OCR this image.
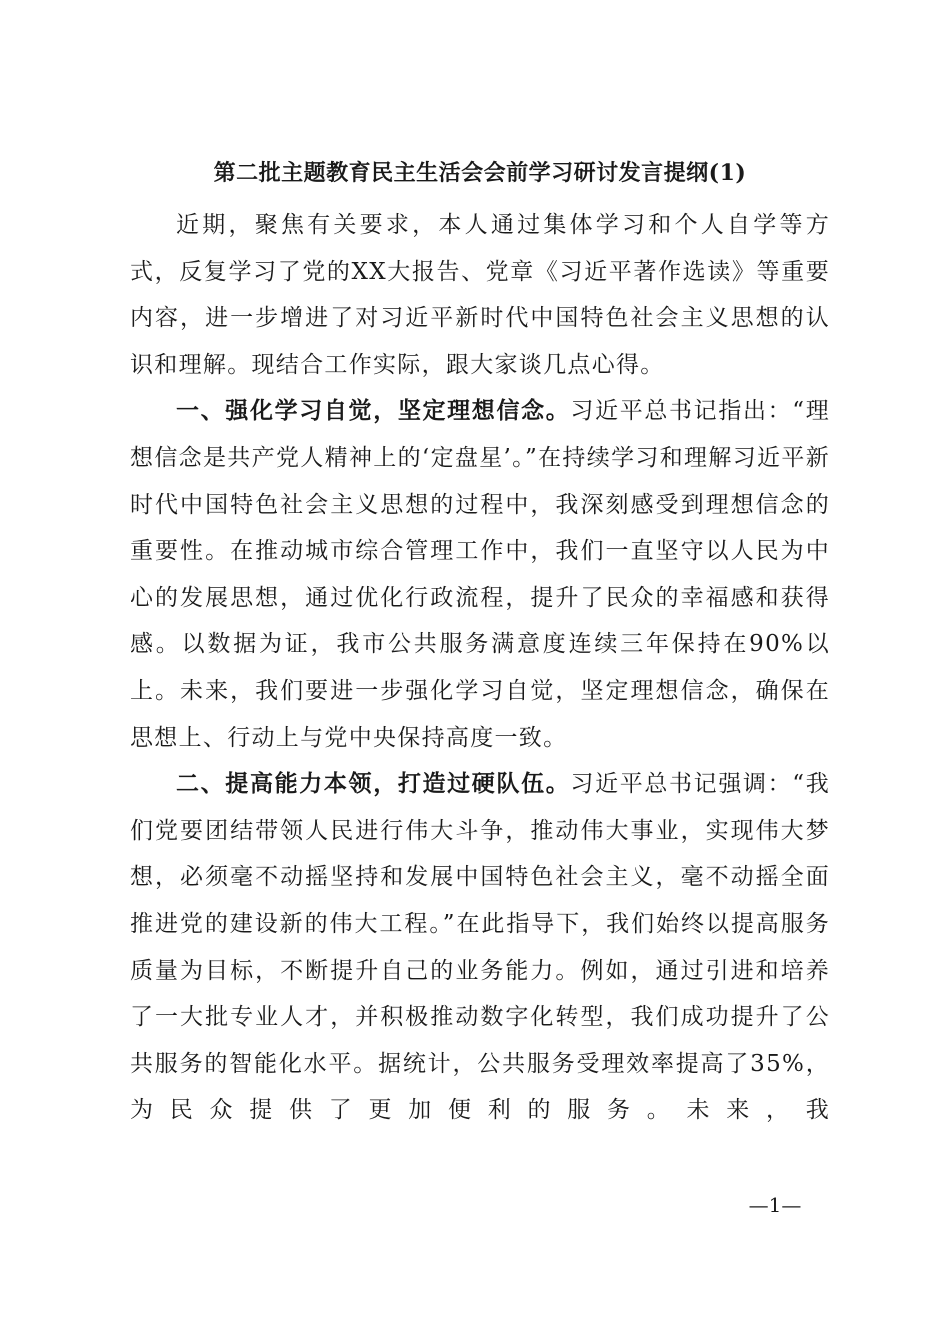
第二批主题教育民主生活会会前学习研讨发言提纲(1)

近期，聚焦有关要求，本人通过集体学习和个人自学等方式，反复学习了党的XX大报告、党章《习近平著作选读》等重要内容，进一步增进了对习近平新时代中国特色社会主义思想的认识和理解。现结合工作实际，跟大家谈几点心得。

一、强化学习自觉，坚定理想信念。习近平总书记指出：“理想信念是共产党人精神上的‘定盘星’。”在持续学习和理解习近平新时代中国特色社会主义思想的过程中，我深刻感受到理想信念的重要性。在推动城市综合管理工作中，我们一直坚守以人民为中心的发展思想，通过优化行政流程，提升了民众的幸福感和获得感。以数据为证，我市公共服务满意度连续三年保持在90%以上。未来，我们要进一步强化学习自觉，坚定理想信念，确保在思想上、行动上与党中央保持高度一致。

二、提高能力本领，打造过硬队伍。习近平总书记强调：“我们党要团结带领人民进行伟大斗争，推动伟大事业，实现伟大梦想，必须毫不动摇坚持和发展中国特色社会主义，毫不动摇全面推进党的建设新的伟大工程。”在此指导下，我们始终以提高服务质量为目标，不断提升自己的业务能力。例如，通过引进和培养了一大批专业人才，并积极推动数字化转型，我们成功提升了公共服务的智能化水平。据统计，公共服务受理效率提高了35%，为民众提供了更加便利的服务。未来，我

—1—
